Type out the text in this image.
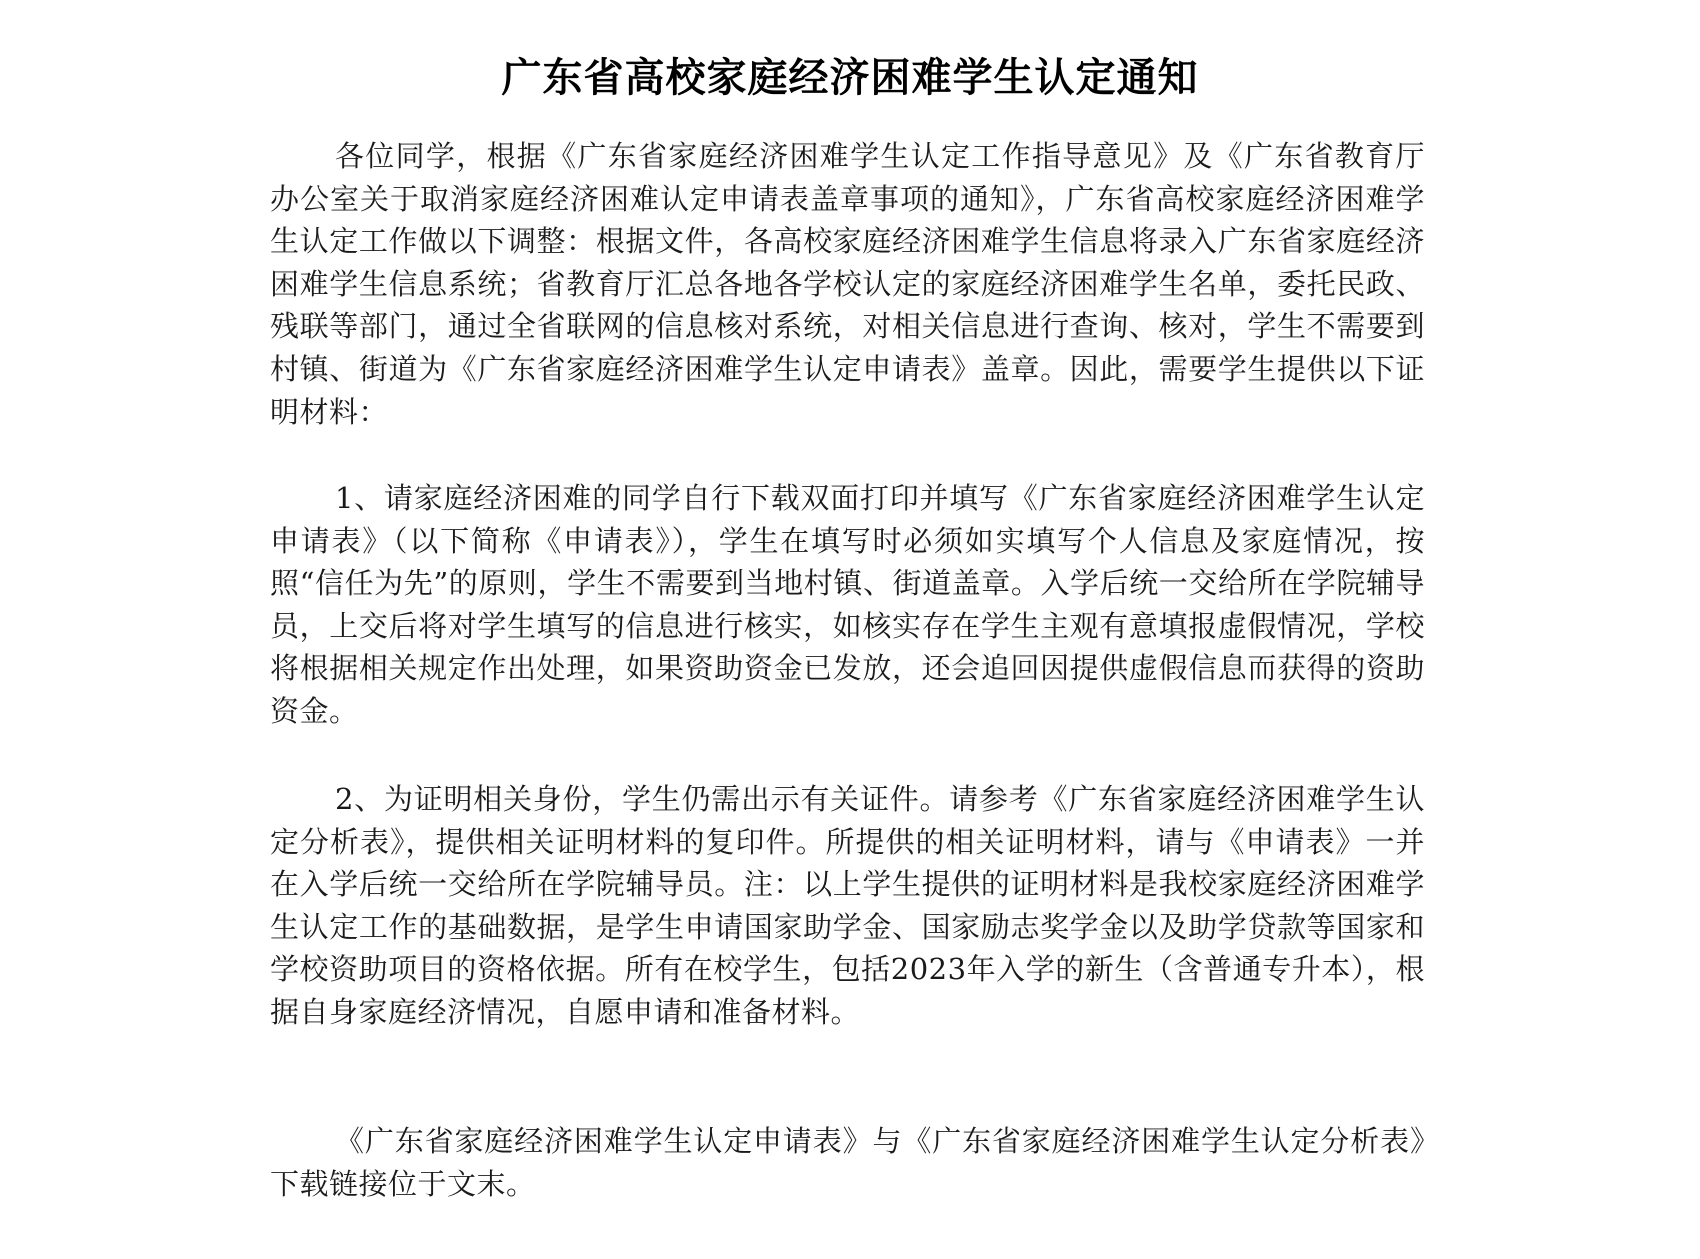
广东省高校家庭经济困难学生认定通知

各位同学，根据《广东省家庭经济困难学生认定工作指导意见》及《广东省教育厅办公室关于取消家庭经济困难认定申请表盖章事项的通知》，广东省高校家庭经济困难学生认定工作做以下调整：根据文件，各高校家庭经济困难学生信息将录入广东省家庭经济困难学生信息系统；省教育厅汇总各地各学校认定的家庭经济困难学生名单，委托民政、残联等部门，通过全省联网的信息核对系统，对相关信息进行查询、核对，学生不需要到村镇、街道为《广东省家庭经济困难学生认定申请表》盖章。因此，需要学生提供以下证明材料：

1、请家庭经济困难的同学自行下载双面打印并填写《广东省家庭经济困难学生认定申请表》（以下简称《申请表》），学生在填写时必须如实填写个人信息及家庭情况，按照“信任为先”的原则，学生不需要到当地村镇、街道盖章。入学后统一交给所在学院辅导员，上交后将对学生填写的信息进行核实，如核实存在学生主观有意填报虚假情况，学校将根据相关规定作出处理，如果资助资金已发放，还会追回因提供虚假信息而获得的资助资金。

2、为证明相关身份，学生仍需出示有关证件。请参考《广东省家庭经济困难学生认定分析表》，提供相关证明材料的复印件。所提供的相关证明材料，请与《申请表》一并在入学后统一交给所在学院辅导员。注：以上学生提供的证明材料是我校家庭经济困难学生认定工作的基础数据，是学生申请国家助学金、国家励志奖学金以及助学贷款等国家和学校资助项目的资格依据。所有在校学生，包括2023年入学的新生（含普通专升本），根据自身家庭经济情况，自愿申请和准备材料。

《广东省家庭经济困难学生认定申请表》与《广东省家庭经济困难学生认定分析表》下载链接位于文末。
